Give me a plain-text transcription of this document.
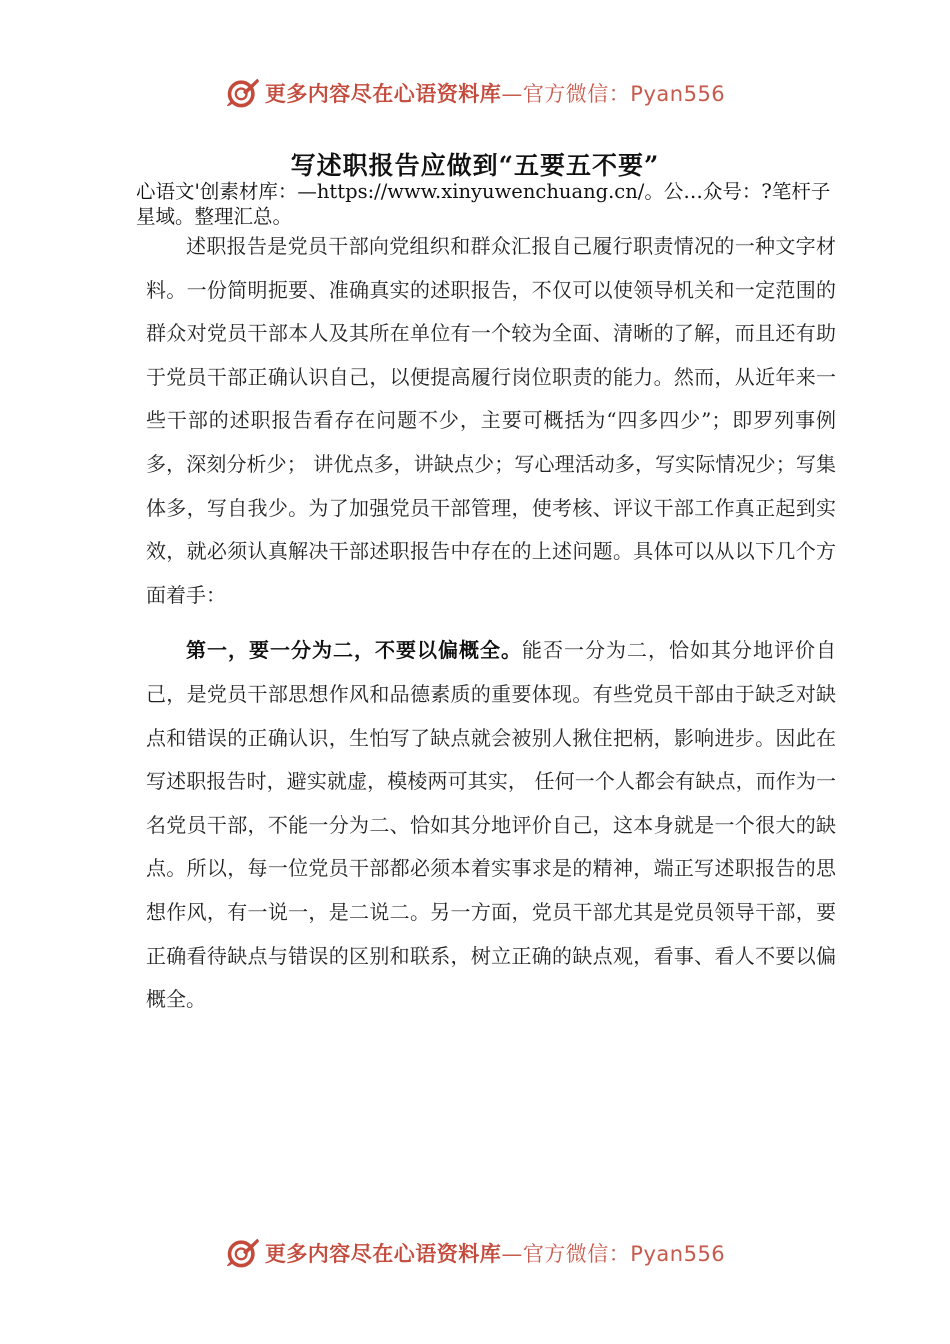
更多内容尽在心语资料库—官方微信：Pyan556
写述职报告应做到“五要五不要”
心语文'创素材库：—https://www.xinyuwenchuang.cn/。公…众号：?笔杆子星域。整理汇总。

述职报告是党员干部向党组织和群众汇报自己履行职责情况的一种文字材料。一份简明扼要、准确真实的述职报告，不仅可以使领导机关和一定范围的群众对党员干部本人及其所在单位有一个较为全面、清晰的了解，而且还有助于党员干部正确认识自己，以便提高履行岗位职责的能力。然而，从近年来一些干部的述职报告看存在问题不少，主要可概括为“四多四少”；即罗列事例多，深刻分析少； 讲优点多，讲缺点少；写心理活动多，写实际情况少；写集体多，写自我少。为了加强党员干部管理，使考核、评议干部工作真正起到实效，就必须认真解决干部述职报告中存在的上述问题。具体可以从以下几个方面着手：

第一，要一分为二，不要以偏概全。能否一分为二，恰如其分地评价自己，是党员干部思想作风和品德素质的重要体现。有些党员干部由于缺乏对缺点和错误的正确认识，生怕写了缺点就会被别人揪住把柄，影响进步。因此在写述职报告时，避实就虚，模棱两可其实， 任何一个人都会有缺点，而作为一名党员干部，不能一分为二、恰如其分地评价自己，这本身就是一个很大的缺点。所以，每一位党员干部都必须本着实事求是的精神，端正写述职报告的思想作风，有一说一，是二说二。另一方面，党员干部尤其是党员领导干部，要正确看待缺点与错误的区别和联系，树立正确的缺点观，看事、看人不要以偏概全。

更多内容尽在心语资料库—官方微信：Pyan556
